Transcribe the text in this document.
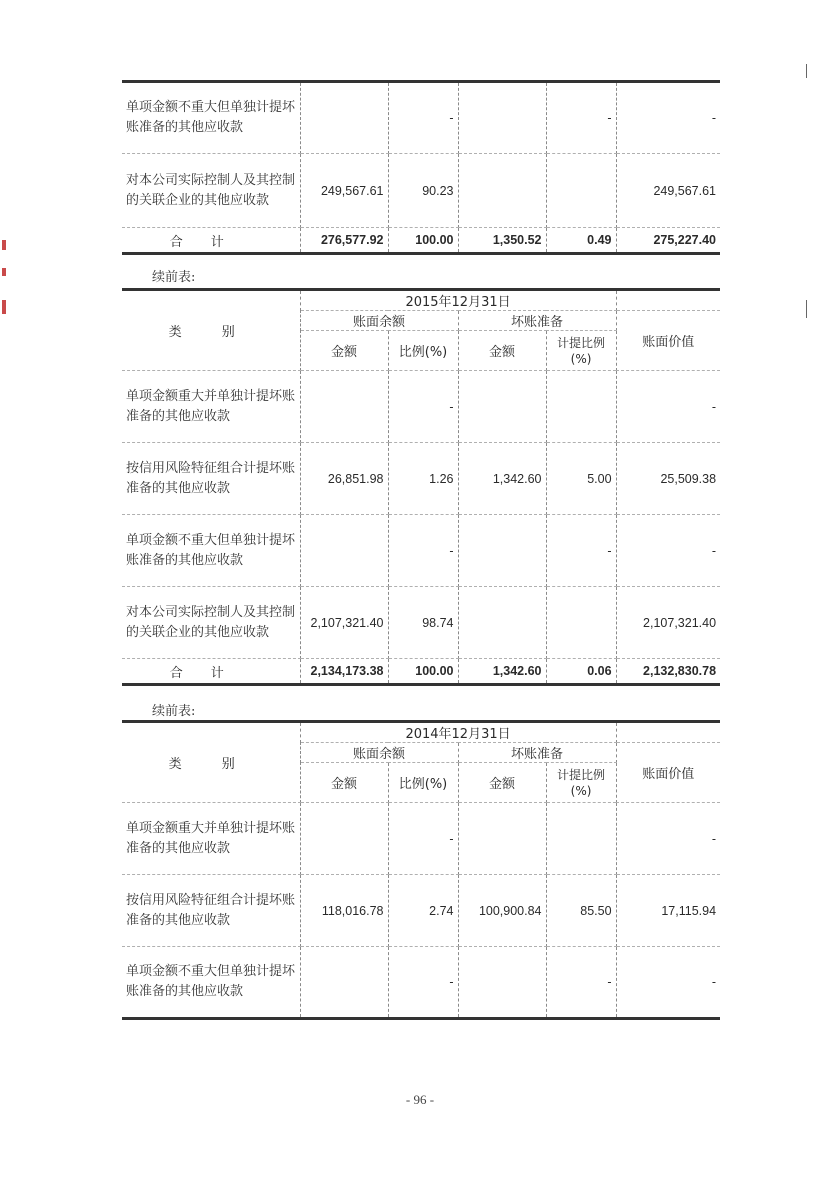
单项金额不重大但单独计提坏账准备的其他应收款		-		-	-
对本公司实际控制人及其控制的关联企业的其他应收款	249,567.61	90.23			249,567.61
合计	276,577.92	100.00	1,350.52	0.49	275,227.40
续前表:
类 别	2015年12月31日				
	账面余额		坏账准备		账面价值
	金额	比例(%)	金额	计提比例(%)	
单项金额重大并单独计提坏账准备的其他应收款		-			-
按信用风险特征组合计提坏账准备的其他应收款	26,851.98	1.26	1,342.60	5.00	25,509.38
单项金额不重大但单独计提坏账准备的其他应收款		-		-	-
对本公司实际控制人及其控制的关联企业的其他应收款	2,107,321.40	98.74			2,107,321.40
合计	2,134,173.38	100.00	1,342.60	0.06	2,132,830.78
续前表:
类 别	2014年12月31日				
	账面余额		坏账准备		账面价值
	金额	比例(%)	金额	计提比例(%)	
单项金额重大并单独计提坏账准备的其他应收款		-			-
按信用风险特征组合计提坏账准备的其他应收款	118,016.78	2.74	100,900.84	85.50	17,115.94
单项金额不重大但单独计提坏账准备的其他应收款		-		-	-
- 96 -
